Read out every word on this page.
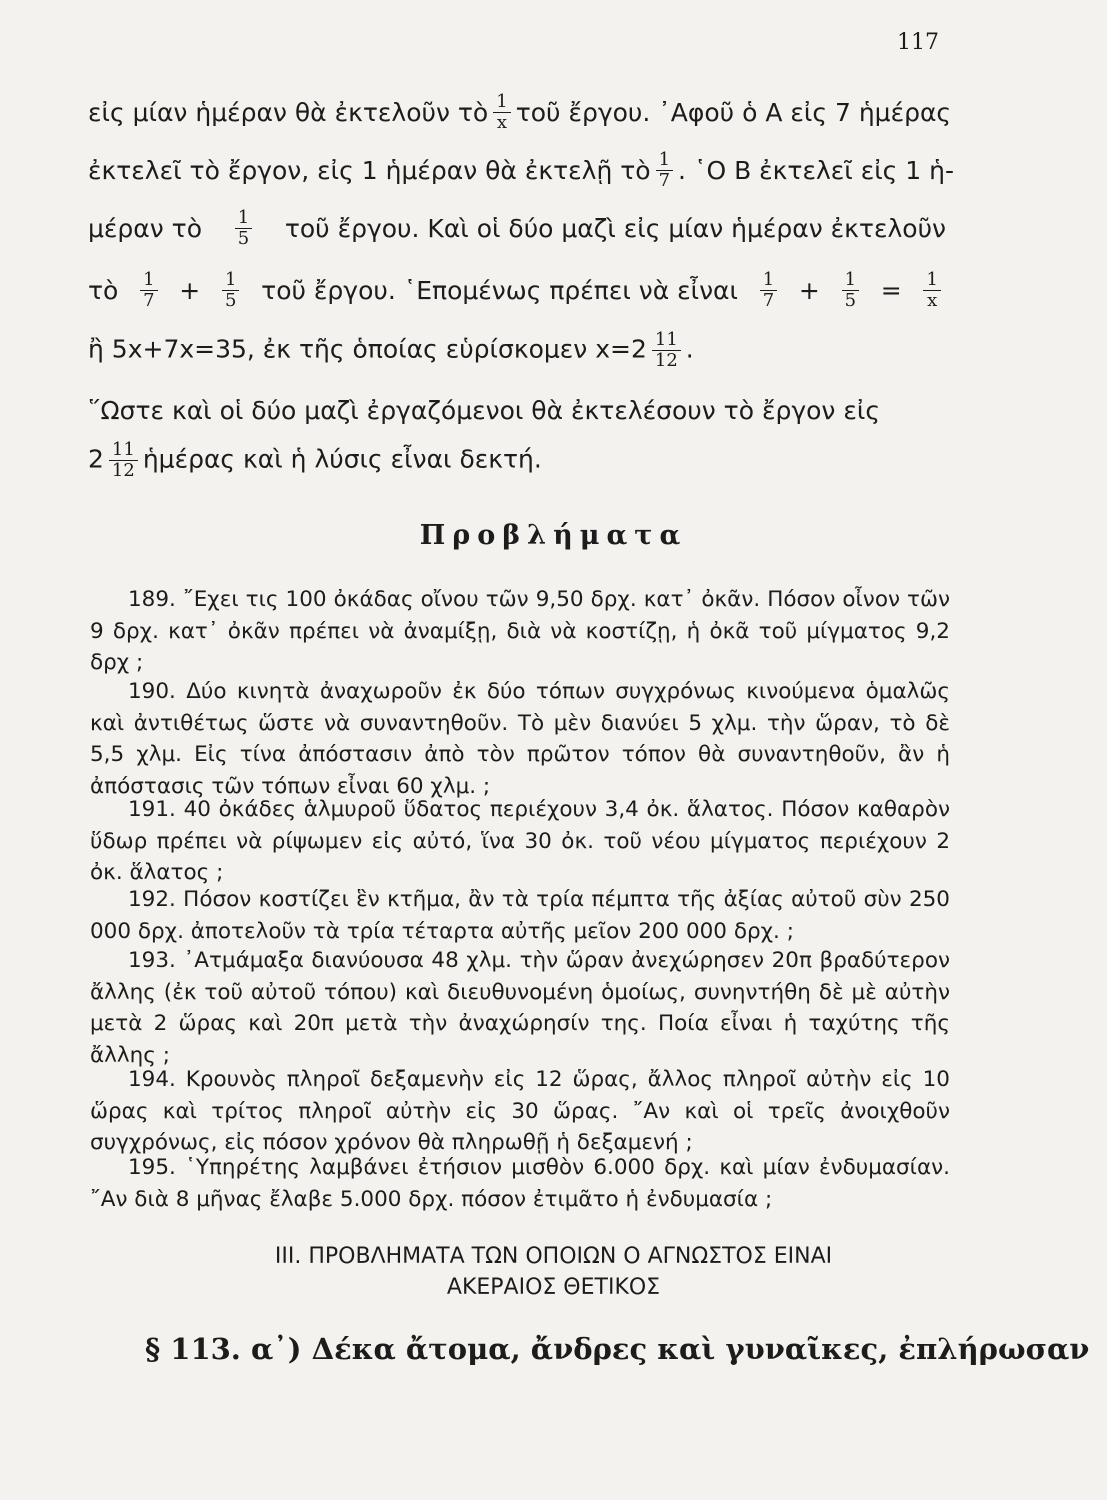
117
εἰς μίαν ἡμέραν θὰ ἐκτελοῦν τὸ $\frac{1}{x}$ τοῦ ἔργου. ᾿Αφοῦ ὁ Α εἰς 7 ἡμέρας
ἐκτελεῖ τὸ ἔργον, εἰς 1 ἡμέραν θὰ ἐκτελῇ τὸ $\frac{1}{7}$ . ῾Ο Β ἐκτελεῖ εἰς 1 ἡ-
μέραν τὸ $\frac{1}{5}$ τοῦ ἔργου. Καὶ οἱ δύο μαζὶ εἰς μίαν ἡμέραν ἐκτελοῦν
τὸ $\frac{1}{7} + \frac{1}{5}$ τοῦ ἔργου. ῾Επομένως πρέπει νὰ εἶναι $\frac{1}{7} + \frac{1}{5} = \frac{1}{x}$
ἢ 5x+7x=35, ἐκ τῆς ὁποίας εὑρίσκομεν $x=2 \frac{11}{12}$ .
῞Ωστε καὶ οἱ δύο μαζὶ ἐργαζόμενοι θὰ ἐκτελέσουν τὸ ἔργον εἰς
$2 \frac{11}{12}$ ἡμέρας καὶ ἡ λύσις εἶναι δεκτή.
Προβλήματα
189. ῎Εχει τις 100 ὀκάδας οἴνου τῶν 9,50 δρχ. κατ᾿ ὀκᾶν. Πόσον οἶνον τῶν 9 δρχ. κατ᾿ ὀκᾶν πρέπει νὰ ἀναμίξῃ, διὰ νὰ κοστίζῃ, ἡ ὀκᾶ τοῦ μίγματος 9,2 δρχ ;
190. Δύο κινητὰ ἀναχωροῦν ἐκ δύο τόπων συγχρόνως κινούμενα ὁμαλῶς καὶ ἀντιθέτως ὥστε νὰ συναντηθοῦν. Τὸ μὲν διανύει 5 χλμ. τὴν ὥραν, τὸ δὲ 5,5 χλμ. Εἰς τίνα ἀπόστασιν ἀπὸ τὸν πρῶτον τόπον θὰ συναντηθοῦν, ἂν ἡ ἀπόστασις τῶν τόπων εἶναι 60 χλμ. ;
191. 40 ὀκάδες ἁλμυροῦ ὕδατος περιέχουν 3,4 ὀκ. ἅλατος. Πόσον καθαρὸν ὕδωρ πρέπει νὰ ρίψωμεν εἰς αὐτό, ἵνα 30 ὀκ. τοῦ νέου μίγματος περιέχουν 2 ὀκ. ἅλατος ;
192. Πόσον κοστίζει ἓν κτῆμα, ἂν τὰ τρία πέμπτα τῆς ἀξίας αὐτοῦ σὺν 250 000 δρχ. ἀποτελοῦν τὰ τρία τέταρτα αὐτῆς μεῖον 200 000 δρχ. ;
193. ᾿Ατμάμαξα διανύουσα 48 χλμ. τὴν ὥραν ἀνεχώρησεν 20π βραδύτερον ἄλλης (ἐκ τοῦ αὐτοῦ τόπου) καὶ διευθυνομένη ὁμοίως, συνηντήθη δὲ μὲ αὐτὴν μετὰ 2 ὥρας καὶ 20π μετὰ τὴν ἀναχώρησίν της. Ποία εἶναι ἡ ταχύτης τῆς ἄλλης ;
194. Κρουνὸς πληροῖ δεξαμενὴν εἰς 12 ὥρας, ἄλλος πληροῖ αὐτὴν εἰς 10 ὥρας καὶ τρίτος πληροῖ αὐτὴν εἰς 30 ὥρας. ῎Αν καὶ οἱ τρεῖς ἀνοιχθοῦν συγχρόνως, εἰς πόσον χρόνον θὰ πληρωθῇ ἡ δεξαμενή ;
195. ῾Υπηρέτης λαμβάνει ἐτήσιον μισθὸν 6.000 δρχ. καὶ μίαν ἐνδυμασίαν. ῎Αν διὰ 8 μῆνας ἔλαβε 5.000 δρχ. πόσον ἐτιμᾶτο ἡ ἐνδυμασία ;
ΙΙΙ. ΠΡΟΒΛΗΜΑΤΑ ΤΩΝ ΟΠΟΙΩΝ Ο ΑΓΝΩΣΤΟΣ ΕΙΝΑΙ
ΑΚΕΡΑΙΟΣ ΘΕΤΙΚΟΣ
§ 113. α᾿) Δέκα ἄτομα, ἄνδρες καὶ γυναῖκες, ἐπλήρωσαν
